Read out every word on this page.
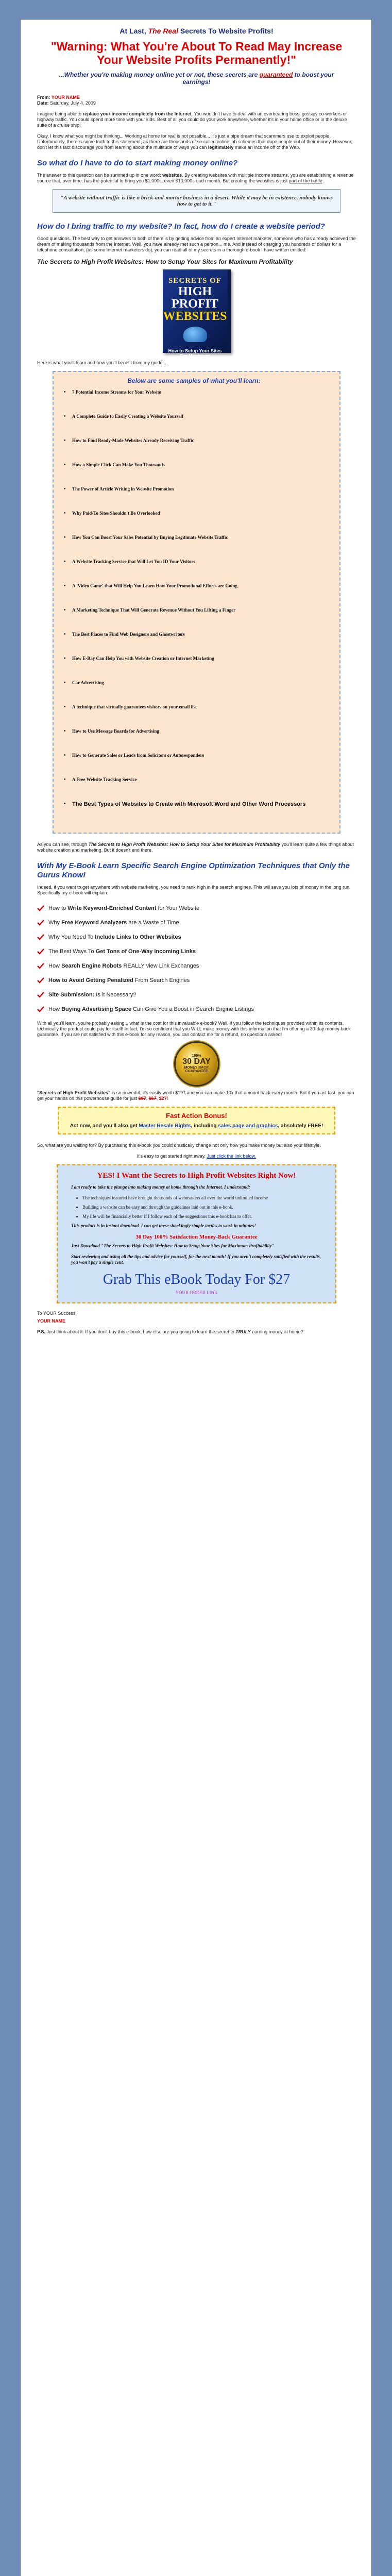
At Last, The Real Secrets To Website Profits!
"Warning: What You're About To Read May Increase Your Website Profits Permanently!"
...Whether you're making money online yet or not, these secrets are guaranteed to boost your earnings!

From: YOUR NAME

Date: Saturday, July 4, 2009

Imagine being able to replace your income completely from the Internet. You wouldn't have to deal with an overbearing boss, gossipy co-workers or highway traffic. You could spend more time with your kids. Best of all you could do your work anywhere, whether it's in your home office or in the deluxe suite of a cruise ship!

Okay, I know what you might be thinking... Working at home for real is not possible... it's just a pipe dream that scammers use to exploit people. Unfortunately, there is some truth to this statement, as there are thousands of so-called online job schemes that dupe people out of their money. However, don't let this fact discourage you from learning about the multitude of ways you can legitimately make an income off of the Web.

So what do I have to do to start making money online?

The answer to this question can be summed up in one word: websites. By creating websites with multiple income streams, you are establishing a revenue source that, over time, has the potential to bring you $1,000s, even $10,000s each month. But creating the websites is just part of the battle.

"A website without traffic is like a brick-and-mortar business in a desert. While it may be in existence, nobody knows how to get to it."
How do I bring traffic to my website? In fact, how do I create a website period?

Good questions. The best way to get answers to both of them is by getting advice from an expert Internet marketer, someone who has already achieved the dream of making thousands from the Internet. Well, you have already met such a person... me. And instead of charging you hundreds of dollars for a telephone consultation, (as some Internet marketers do), you can read all of my secrets in a thorough e-book I have written entitled:

The Secrets to High Profit Websites: How to Setup Your Sites for Maximum Profitability
SECRETS OF
HIGH PROFIT
WEBSITES
How to Setup Your Sites For Maximum Profitability

Here is what you'll learn and how you'll benefit from my guide...

Below are some samples of what you'll learn:
•	7 Potential Income Streams for Your Website
•	A Complete Guide to Easily Creating a Website Yourself
•	How to Find Ready-Made Websites Already Receiving Traffic
•	How a Simple Click Can Make You Thousands
•	The Power of Article Writing in Website Promotion
•	Why Paid-To Sites Shouldn't Be Overlooked
•	How You Can Boost Your Sales Potential by Buying Legitimate Website Traffic
•	A Website Tracking Service that Will Let You ID Your Visitors
•	A 'Video Game' that Will Help You Learn How Your Promotional Efforts are Going
•	A Marketing Technique That Will Generate Revenue Without You Lifting a Finger
•	The Best Places to Find Web Designers and Ghostwriters
•	How E-Bay Can Help You with Website Creation or Internet Marketing
•	Car Advertising
•	A technique that virtually guarantees visitors on your email list
•	How to Use Message Boards for Advertising
•	How to Generate Sales or Leads from Solicitors or Autoresponders
•	A Free Website Tracking Service
•	The Best Types of Websites to Create with Microsoft Word and Other Word Processors

As you can see, through The Secrets to High Profit Websites: How to Setup Your Sites for Maximum Profitability you'll learn quite a few things about website creation and marketing. But it doesn't end there.

With My E-Book Learn Specific Search Engine Optimization Techniques that Only the Gurus Know!

Indeed, if you want to get anywhere with website marketing, you need to rank high in the search engines. This will save you lots of money in the long run. Specifically my e-book will explain:

How to Write Keyword-Enriched Content for Your Website
Why Free Keyword Analyzers are a Waste of Time
Why You Need To Include Links to Other Websites
The Best Ways To Get Tons of One-Way Incoming Links
How Search Engine Robots REALLY view Link Exchanges
How to Avoid Getting Penalized From Search Engines
Site Submission: Is it Necessary?
How Buying Advertising Space Can Give You a Boost in Search Engine Listings

With all you'll learn, you're probably asking... what is the cost for this invaluable e-book? Well, if you follow the techniques provided within its contents, technically the product could pay for itself! In fact, I'm so confident that you WILL make money with this information that I'm offering a 30-day money-back guarantee. If you are not satisfied with this e-book for any reason, you can contact me for a refund, no questions asked!

100%
30 DAY
MONEY BACK
GUARANTEE

"Secrets of High Profit Websites" is so powerful, it's easily worth $197 and you can make 10x that amount back every month. But if you act fast, you can get your hands on this powerhouse guide for just $97, $67, $27!

Fast Action Bonus!
Act now, and you'll also get Master Resale Rights, including sales page and graphics, absolutely FREE!

So, what are you waiting for? By purchasing this e-book you could drastically change not only how you make money but also your lifestyle.

It's easy to get started right away. Just click the link below.

YES! I Want the Secrets to High Profit Websites Right Now!

I am ready to take the plunge into making money at home through the Internet. I understand:

• The techniques featured have brought thousands of webmasters all over the world unlimited income
• Building a website can be easy and through the guidelines laid out in this e-book.
• My life will be financially better if I follow each of the suggestions this e-book has to offer.

This product is in instant download. I can get these shockingly simple tactics to work in minutes!

30 Day 100% Satisfaction Money-Back Guarantee

Just Download "The Secrets to High Profit Websites: How to Setup Your Sites for Maximum Profitability"

Start reviewing and using all the tips and advice for yourself, for the next month! If you aren't completely satisfied with the results, you won't pay a single cent.

Grab This eBook Today For $27
YOUR ORDER LINK

To YOUR Success,

YOUR NAME

P.S. Just think about it. If you don't buy this e-book, how else are you going to learn the secret to TRULY earning money at home?
